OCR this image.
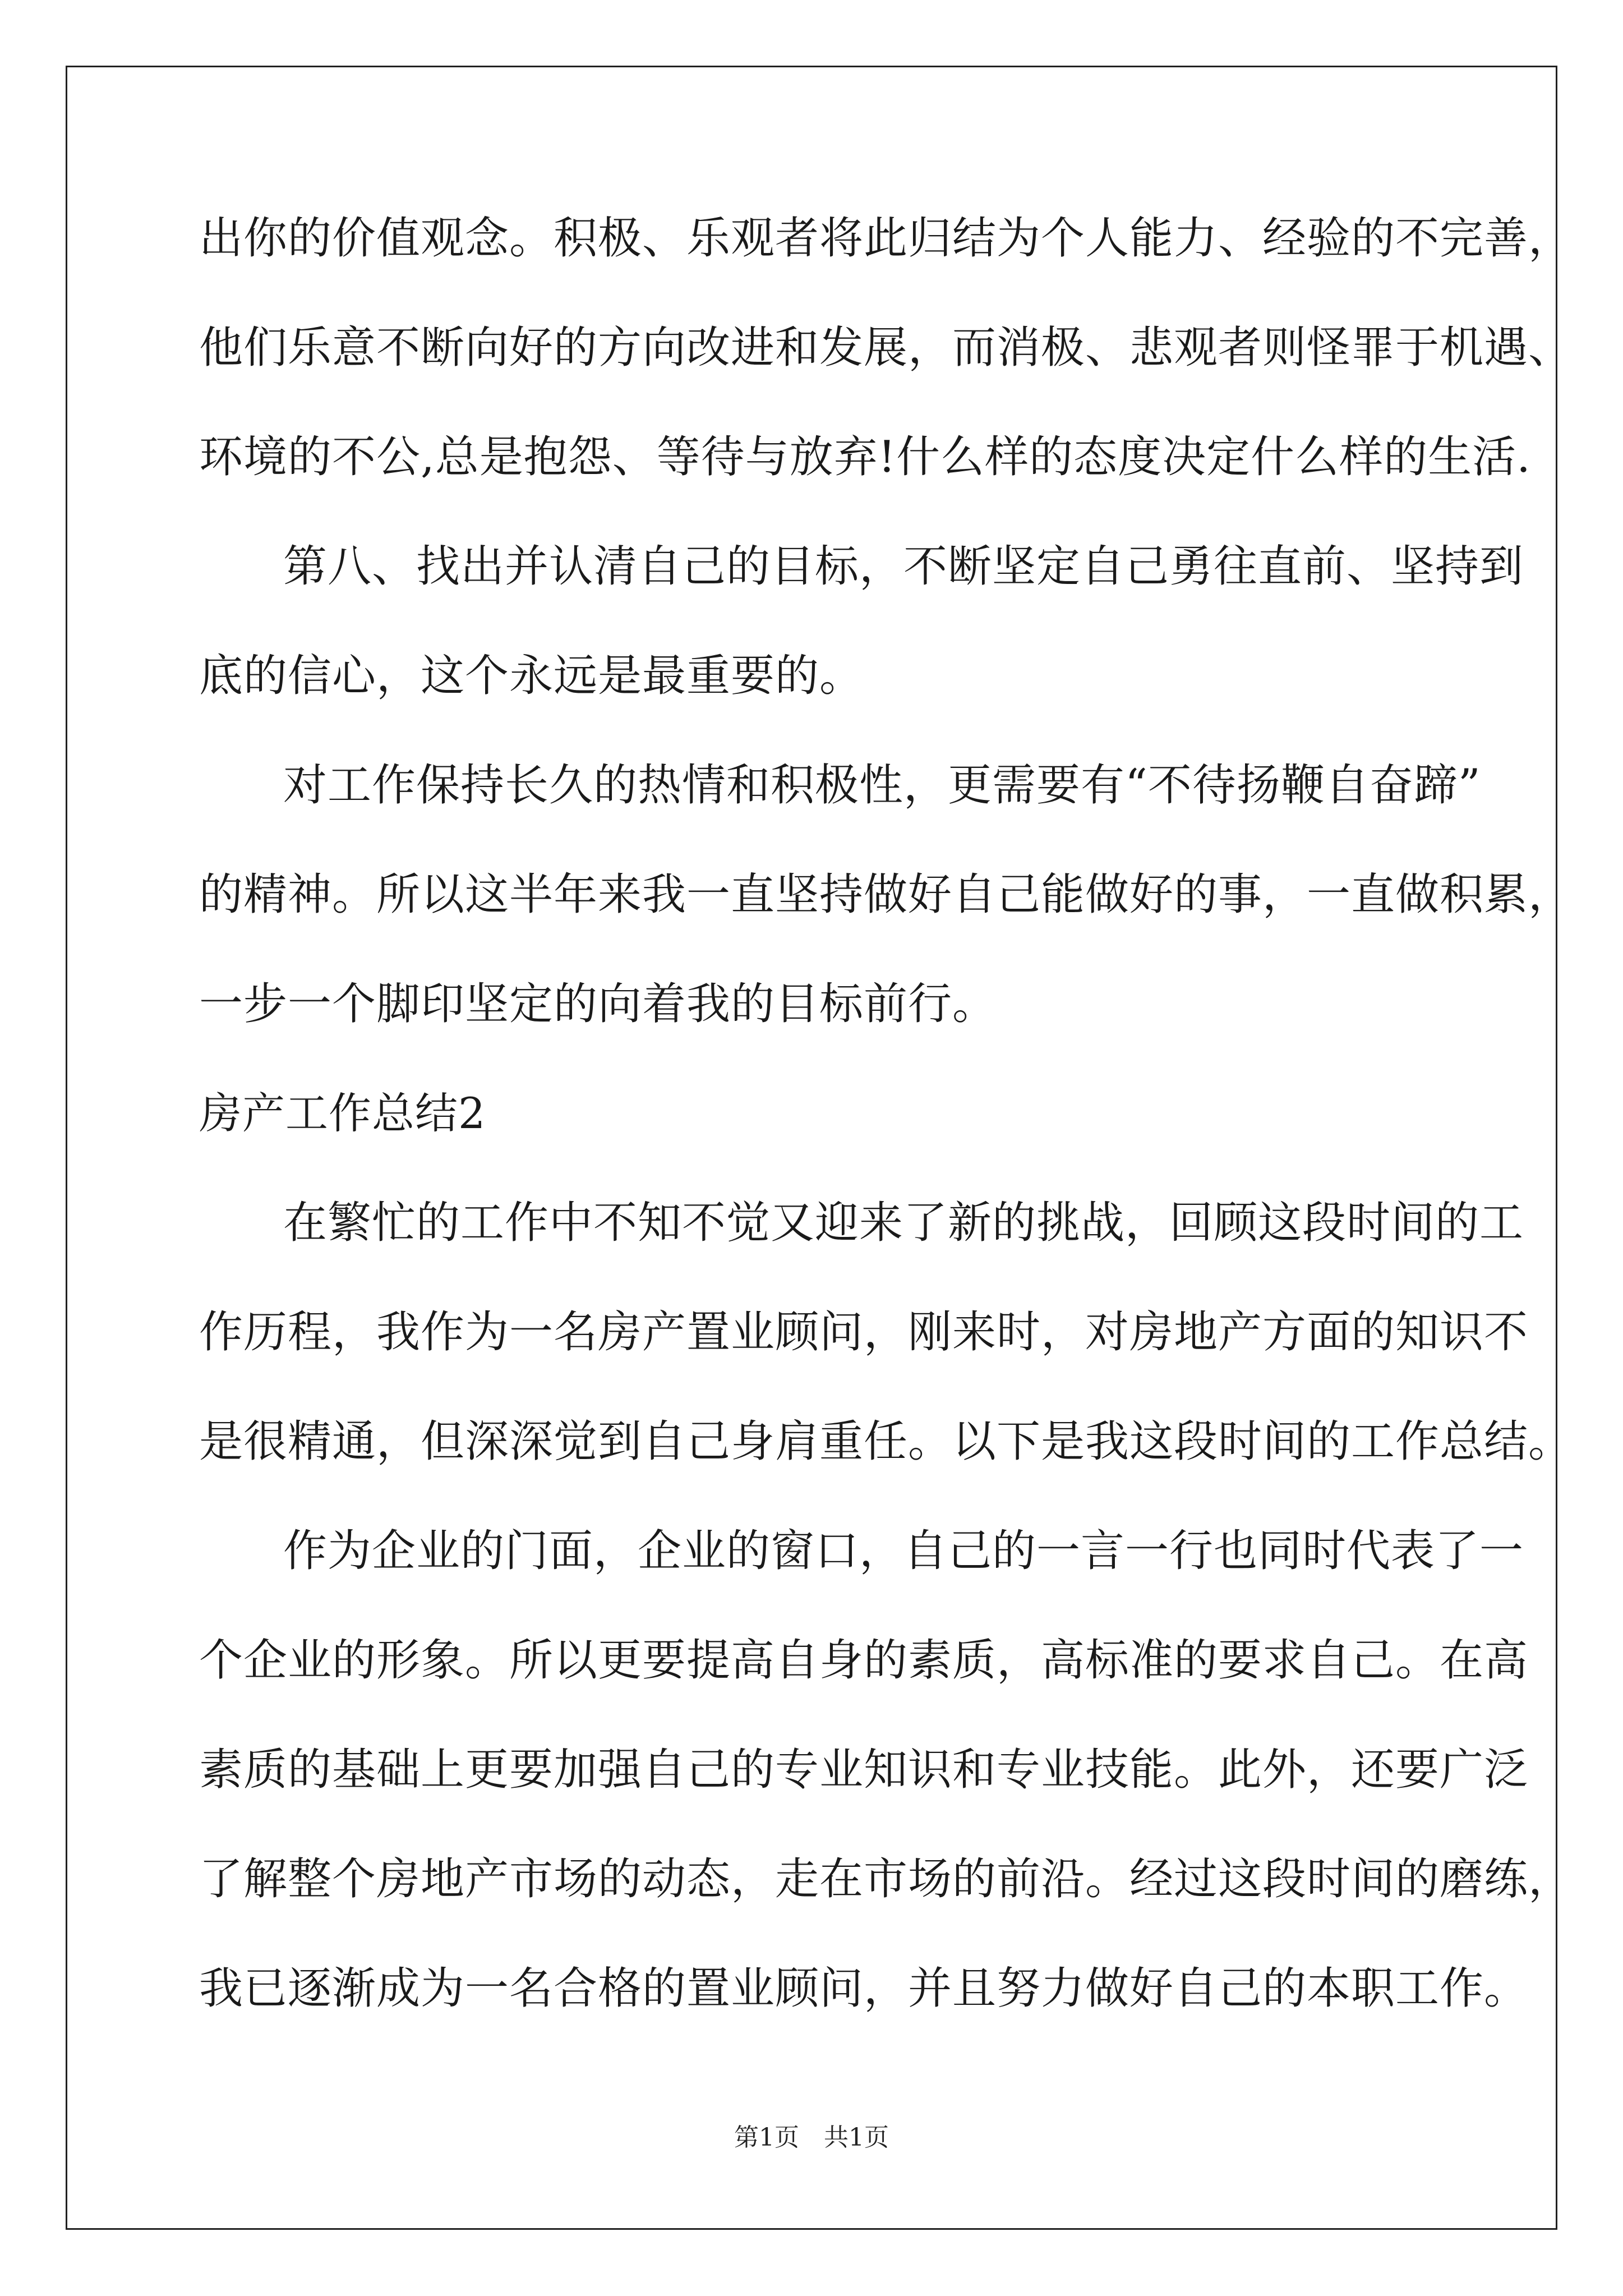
出你的价值观念。积极、乐观者将此归结为个人能力、经验的不完善，
他们乐意不断向好的方向改进和发展，而消极、悲观者则怪罪于机遇、
环境的不公,总是抱怨、等待与放弃!什么样的态度决定什么样的生活.
第八、找出并认清自己的目标，不断坚定自己勇往直前、坚持到
底的信心，这个永远是最重要的。
对工作保持长久的热情和积极性，更需要有“不待扬鞭自奋蹄”
的精神。所以这半年来我一直坚持做好自己能做好的事，一直做积累，
一步一个脚印坚定的向着我的目标前行。
房产工作总结2
在繁忙的工作中不知不觉又迎来了新的挑战，回顾这段时间的工
作历程，我作为一名房产置业顾问，刚来时，对房地产方面的知识不
是很精通，但深深觉到自己身肩重任。以下是我这段时间的工作总结。
作为企业的门面，企业的窗口，自己的一言一行也同时代表了一
个企业的形象。所以更要提高自身的素质，高标准的要求自己。在高
素质的基础上更要加强自己的专业知识和专业技能。此外，还要广泛
了解整个房地产市场的动态，走在市场的前沿。经过这段时间的磨练，
我已逐渐成为一名合格的置业顾问，并且努力做好自己的本职工作。
第1页　共1页
